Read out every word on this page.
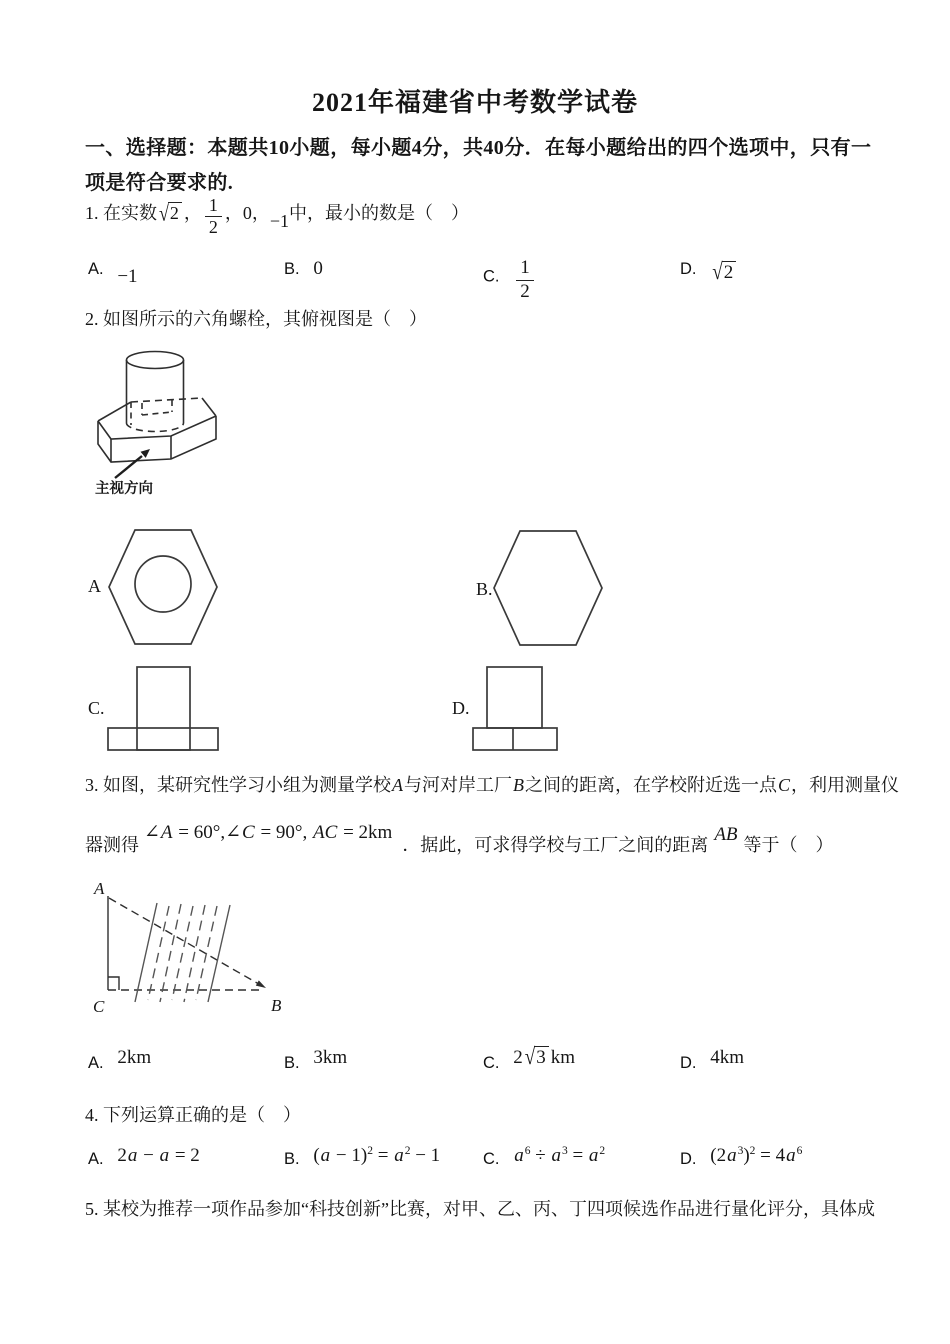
2021年福建省中考数学试卷
一、选择题：本题共10小题，每小题4分，共40分．在每小题给出的四个选项中，只有一
项是符合要求的.
1. 在实数 √2 ， $\frac{1}{2}$ ，0，−1中，最小的数是（　）
A. −1	B. 0	C. $\frac{1}{2}$	D. √2
2. 如图所示的六角螺栓，其俯视图是（　）
主视方向
A	B.
C.	D.
3. 如图，某研究性学习小组为测量学校A与河对岸工厂B之间的距离，在学校附近选一点C，利用测量仪
器测得∠A = 60°,∠C = 90°, AC = 2km．据此，可求得学校与工厂之间的距离 AB 等于（　）
A
C	B
A. 2km	B. 3km	C. 2 √3 km	D. 4km
4. 下列运算正确的是（　）
A. 2a − a = 2	B. $(a - 1)^2 = a^2 - 1$	C. $a^6 \div a^3 = a^2$	D. $(2a^3)^2 = 4a^6$
5. 某校为推荐一项作品参加“科技创新”比赛，对甲、乙、丙、丁四项候选作品进行量化评分，具体成
